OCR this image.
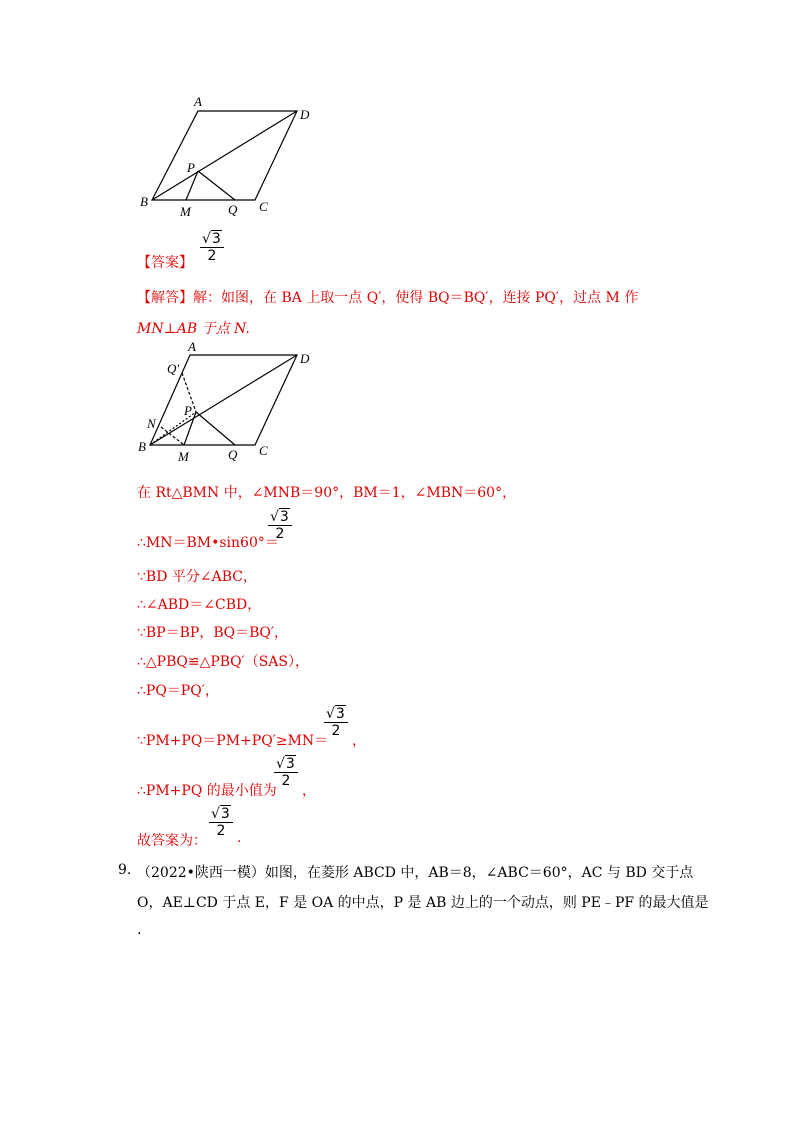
A
D
P
B
M	Q C
【答案】 $\frac{√3}{2}$
【解答】解：如图，在 BA 上取一点 Q′，使得 BQ＝BQ′，连接 PQ′，过点 M 作
MN⊥AB 于点 N.
A
D
Q′
P
N
B
M	Q C
在 Rt△BMN 中，∠MNB＝90°，BM＝1，∠MBN＝60°，
∴MN＝BM•sin60°＝
$\frac{√3}{2}$
∵BD 平分∠ABC，
∴∠ABD＝∠CBD，
∵BP＝BP，BQ＝BQ′，
∴△PBQ≌△PBQ′（SAS），
∴PQ＝PQ′，
∵PM+PQ＝PM+PQ′≥MN＝
$\frac{√3}{2}$
，
∴PM+PQ 的最小值为
$\frac{√3}{2}$
，
故答案为：
$\frac{√3}{2}$ .
9. （2022•陕西一模）如图，在菱形 ABCD 中，AB＝8，∠ABC＝60°，AC 与 BD 交于点
O，AE⊥CD 于点 E，F 是 OA 的中点，P 是 AB 边上的一个动点，则 PE﹣PF 的最大值是
.
